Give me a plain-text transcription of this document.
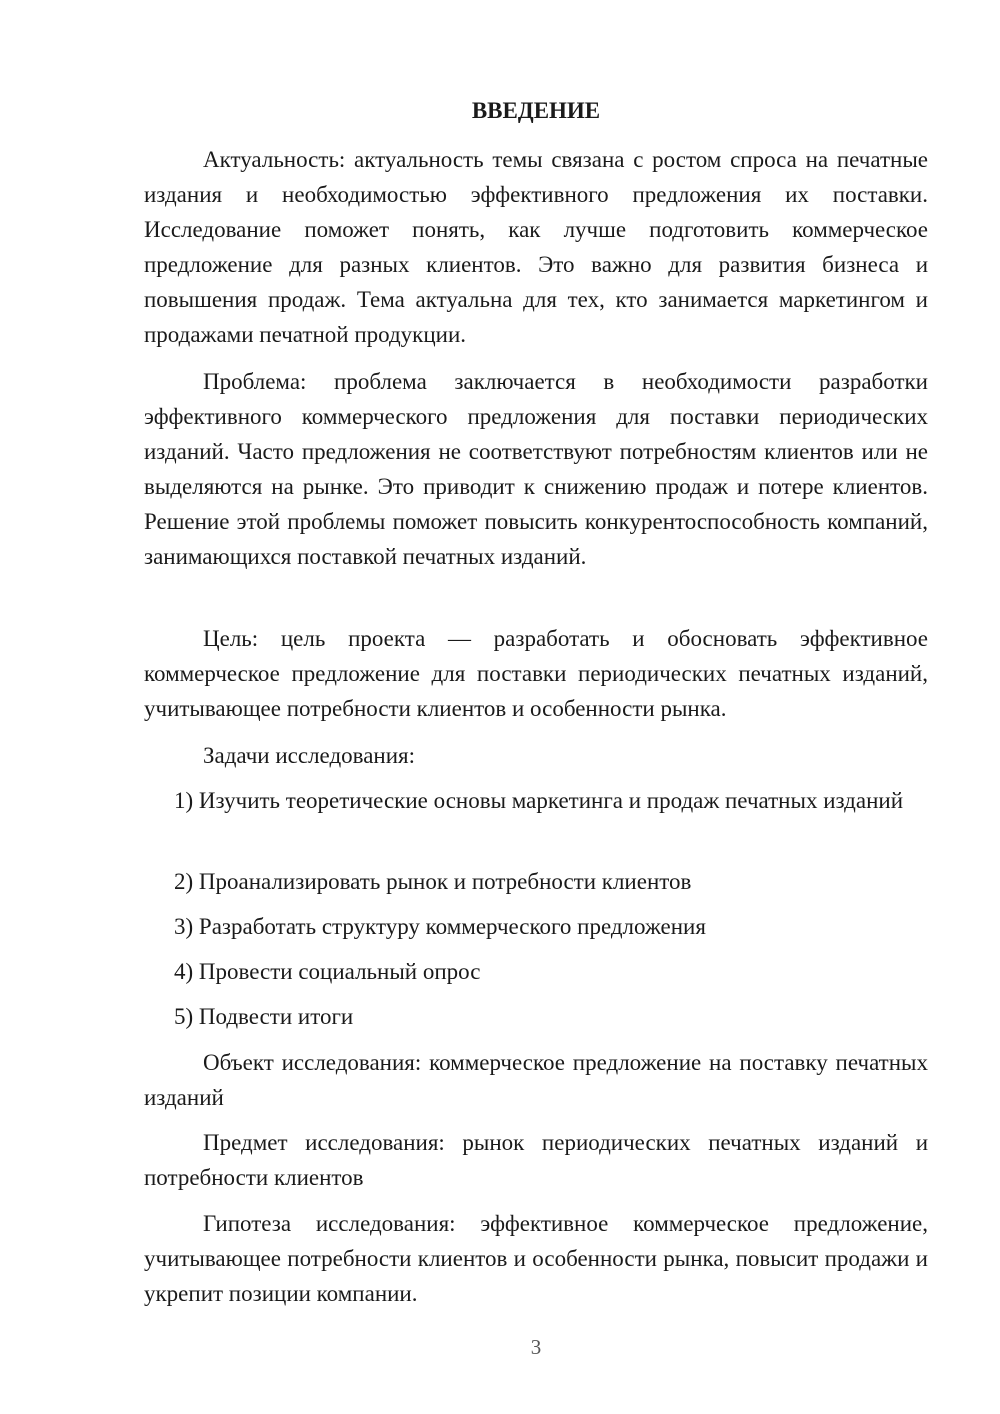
ВВЕДЕНИЕ

Актуальность: актуальность темы связана с ростом спроса на печатные издания и необходимостью эффективного предложения их поставки. Исследование поможет понять, как лучше подготовить коммерческое предложение для разных клиентов. Это важно для развития бизнеса и повышения продаж. Тема актуальна для тех, кто занимается маркетингом и продажами печатной продукции.

Проблема: проблема заключается в необходимости разработки эффективного коммерческого предложения для поставки периодических изданий. Часто предложения не соответствуют потребностям клиентов или не выделяются на рынке. Это приводит к снижению продаж и потере клиентов. Решение этой проблемы поможет повысить конкурентоспособность компаний, занимающихся поставкой печатных изданий.

Цель: цель проекта — разработать и обосновать эффективное коммерческое предложение для поставки периодических печатных изданий, учитывающее потребности клиентов и особенности рынка.

Задачи исследования:

1) Изучить теоретические основы маркетинга и продаж печатных изданий

2) Проанализировать рынок и потребности клиентов

3) Разработать структуру коммерческого предложения

4) Провести социальный опрос

5) Подвести итоги

Объект исследования: коммерческое предложение на поставку печатных изданий

Предмет исследования: рынок периодических печатных изданий и потребности клиентов

Гипотеза исследования: эффективное коммерческое предложение, учитывающее потребности клиентов и особенности рынка, повысит продажи и укрепит позиции компании.

3
